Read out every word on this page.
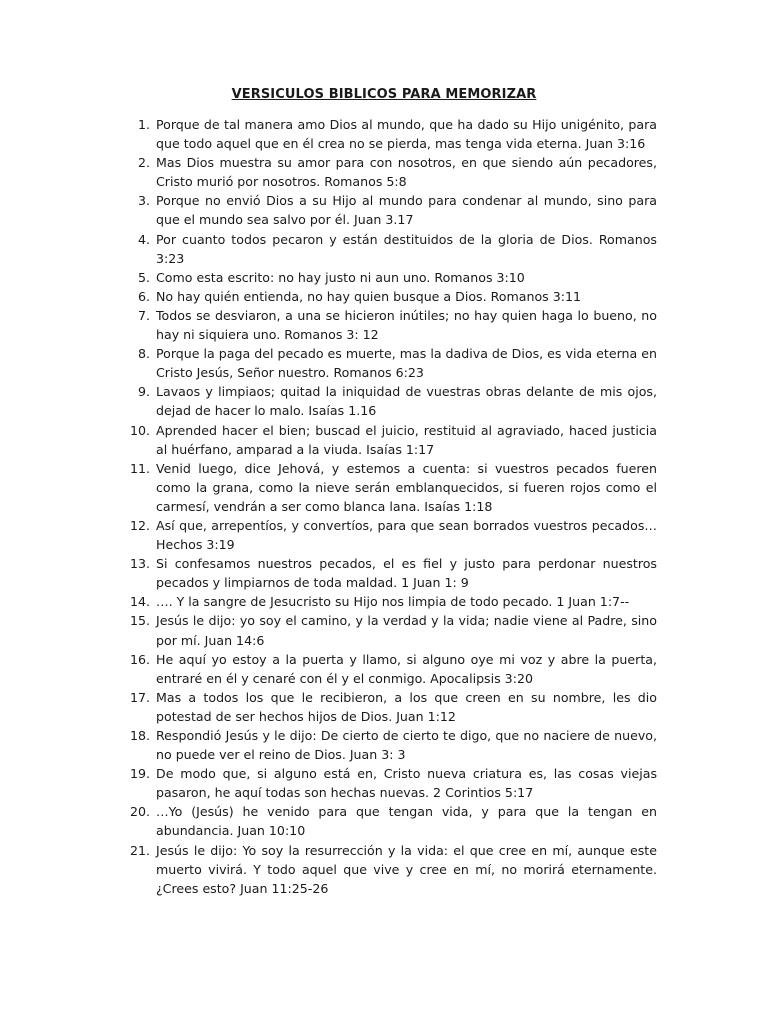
VERSICULOS BIBLICOS PARA MEMORIZAR
1. Porque de tal manera amo Dios al mundo, que ha dado su Hijo unigénito, para que todo aquel que en él crea no se pierda, mas tenga vida eterna. Juan 3:16
2. Mas Dios muestra su amor para con nosotros, en que siendo aún pecadores, Cristo murió por nosotros. Romanos 5:8
3. Porque no envió Dios a su Hijo al mundo para condenar al mundo, sino para que el mundo sea salvo por él. Juan 3.17
4. Por cuanto todos pecaron y están destituidos de la gloria de Dios. Romanos 3:23
5. Como esta escrito: no hay justo ni aun uno. Romanos 3:10
6. No hay quién entienda, no hay quien busque a Dios. Romanos 3:11
7. Todos se desviaron, a una se hicieron inútiles; no hay quien haga lo bueno, no hay ni siquiera uno. Romanos 3: 12
8. Porque la paga del pecado es muerte, mas la dadiva de Dios, es vida eterna en Cristo Jesús, Señor nuestro. Romanos 6:23
9. Lavaos y limpiaos; quitad la iniquidad de vuestras obras delante de mis ojos, dejad de hacer lo malo. Isaías 1.16
10. Aprended hacer el bien; buscad el juicio, restituid al agraviado, haced justicia al huérfano, amparad a la viuda. Isaías 1:17
11. Venid luego, dice Jehová, y estemos a cuenta: si vuestros pecados fueren como la grana, como la nieve serán emblanquecidos, si fueren rojos como el carmesí, vendrán a ser como blanca lana. Isaías 1:18
12. Así que, arrepentíos, y convertíos, para que sean borrados vuestros pecados… Hechos 3:19
13. Si confesamos nuestros pecados, el es fiel y justo para perdonar nuestros pecados y limpiarnos de toda maldad. 1 Juan 1: 9
14. …. Y la sangre de Jesucristo su Hijo nos limpia de todo pecado. 1 Juan 1:7--
15. Jesús le dijo: yo soy el camino, y la verdad y la vida; nadie viene al Padre, sino por mí. Juan 14:6
16. He aquí yo estoy a la puerta y llamo, si alguno oye mi voz y abre la puerta, entraré en él y cenaré con él y el conmigo. Apocalipsis 3:20
17. Mas a todos los que le recibieron, a los que creen en su nombre, les dio potestad de ser hechos hijos de Dios. Juan 1:12
18. Respondió Jesús y le dijo: De cierto de cierto te digo, que no naciere de nuevo, no puede ver el reino de Dios. Juan 3: 3
19. De modo que, si alguno está en, Cristo nueva criatura es, las cosas viejas pasaron, he aquí todas son hechas nuevas. 2 Corintios 5:17
20. …Yo (Jesús) he venido para que tengan vida, y para que la tengan en abundancia. Juan 10:10
21. Jesús le dijo: Yo soy la resurrección y la vida: el que cree en mí, aunque este muerto vivirá. Y todo aquel que vive y cree en mí, no morirá eternamente. ¿Crees esto? Juan 11:25-26
